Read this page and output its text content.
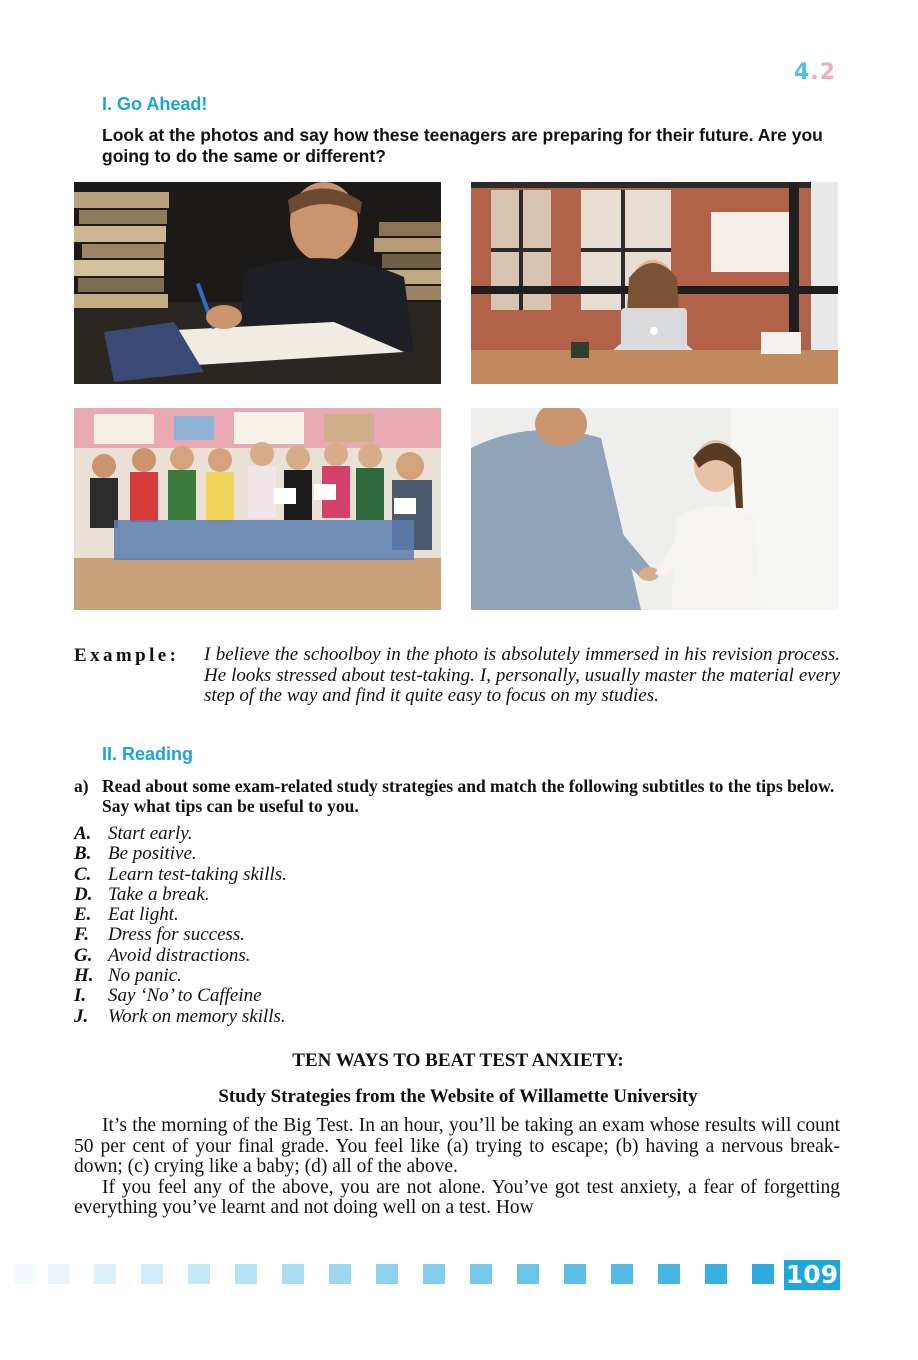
4.2
I. Go Ahead!
Look at the photos and say how these teenagers are preparing for their future. Are you going to do the same or different?
Example: I believe the schoolboy in the photo is absolutely immersed in his revision process. He looks stressed about test-taking. I, personally, usually master the material every step of the way and find it quite easy to focus on my studies.
II. Reading
a) Read about some exam-related study strategies and match the following subtitles to the tips below. Say what tips can be useful to you.
A. Start early.
B. Be positive.
C. Learn test-taking skills.
D. Take a break.
E. Eat light.
F. Dress for success.
G. Avoid distractions.
H. No panic.
I. Say ‘No’ to Caffeine
J. Work on memory skills.
TEN WAYS TO BEAT TEST ANXIETY:
Study Strategies from the Website of Willamette University

It’s the morning of the Big Test. In an hour, you’ll be taking an exam whose results will count 50 per cent of your final grade. You feel like (a) trying to escape; (b) having a nervous break-down; (c) crying like a baby; (d) all of the above.

If you feel any of the above, you are not alone. You’ve got test anxiety, a fear of forgetting everything you’ve learnt and not doing well on a test. How

109
